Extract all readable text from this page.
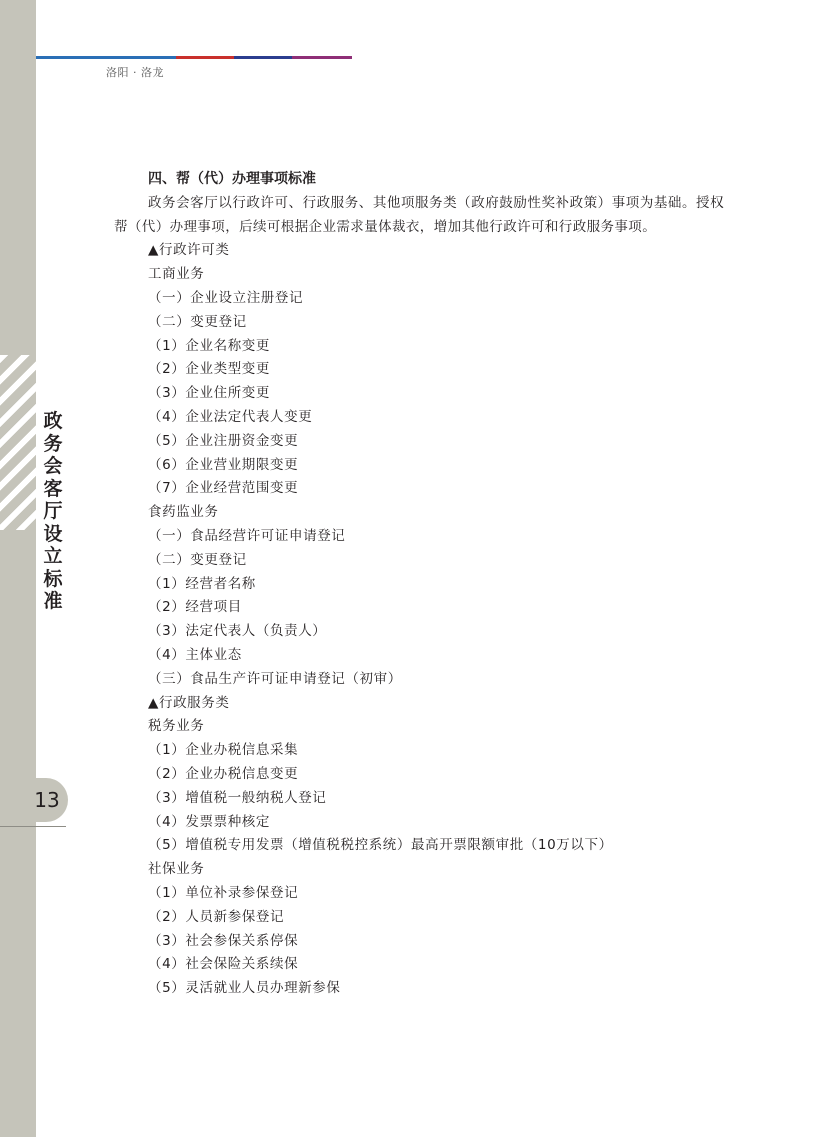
政务会客厅设立标准
13
洛阳 · 洛龙
四、帮（代）办理事项标准
政务会客厅以行政许可、行政服务、其他项服务类（政府鼓励性奖补政策）事项为基础。授权帮（代）办理事项，后续可根据企业需求量体裁衣，增加其他行政许可和行政服务事项。
▲行政许可类
工商业务
（一）企业设立注册登记
（二）变更登记
（1）企业名称变更
（2）企业类型变更
（3）企业住所变更
（4）企业法定代表人变更
（5）企业注册资金变更
（6）企业营业期限变更
（7）企业经营范围变更
食药监业务
（一）食品经营许可证申请登记
（二）变更登记
（1）经营者名称
（2）经营项目
（3）法定代表人（负责人）
（4）主体业态
（三）食品生产许可证申请登记（初审）
▲行政服务类
税务业务
（1）企业办税信息采集
（2）企业办税信息变更
（3）增值税一般纳税人登记
（4）发票票种核定
（5）增值税专用发票（增值税税控系统）最高开票限额审批（10万以下）
社保业务
（1）单位补录参保登记
（2）人员新参保登记
（3）社会参保关系停保
（4）社会保险关系续保
（5）灵活就业人员办理新参保
